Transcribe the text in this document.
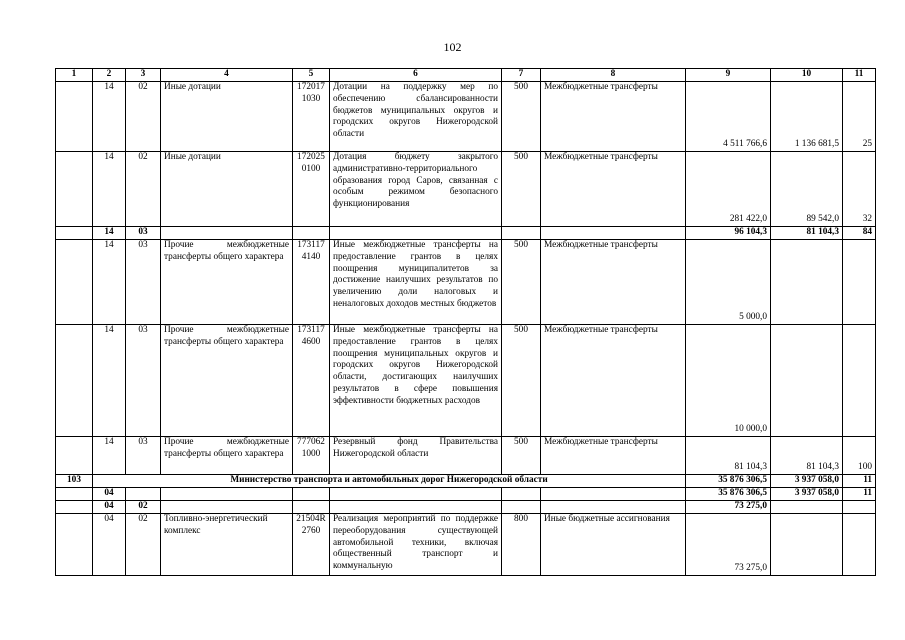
102
1	2	3	4	5	6	7	8	9	10	11
	14	02	Иные дотации	172017 1030	Дотации на поддержку мер по обеспечению сбалансированности бюджетов муниципальных округов и городских округов Нижегородской области	500	Межбюджетные трансферты	4 511 766,6	1 136 681,5	25
	14	02	Иные дотации	172025 0100	Дотация бюджету закрытого административно-территориального образования город Саров, связанная с особым режимом безопасного функционирования	500	Межбюджетные трансферты	281 422,0	89 542,0	32
	14	03						96 104,3	81 104,3	84
	14	03	Прочие межбюджетные трансферты общего характера	173117 4140	Иные межбюджетные трансферты на предоставление грантов в целях поощрения муниципалитетов за достижение наилучших результатов по увеличению доли налоговых и неналоговых доходов местных бюджетов	500	Межбюджетные трансферты	5 000,0		
	14	03	Прочие межбюджетные трансферты общего характера	173117 4600	Иные межбюджетные трансферты на предоставление грантов в целях поощрения муниципальных округов и городских округов Нижегородской области, достигающих наилучших результатов в сфере повышения эффективности бюджетных расходов	500	Межбюджетные трансферты	10 000,0		
	14	03	Прочие межбюджетные трансферты общего характера	777062 1000	Резервный фонд Правительства Нижегородской области	500	Межбюджетные трансферты	81 104,3	81 104,3	100
103	Министерство транспорта и автомобильных дорог Нижегородской области							35 876 306,5	3 937 058,0	11
	04							35 876 306,5	3 937 058,0	11
	04	02						73 275,0		
	04	02	Топливно-энергетический комплекс	21504R 2760	Реализация мероприятий по поддержке переоборудования существующей автомобильной техники, включая общественный транспорт и коммунальную	800	Иные бюджетные ассигнования	73 275,0		
